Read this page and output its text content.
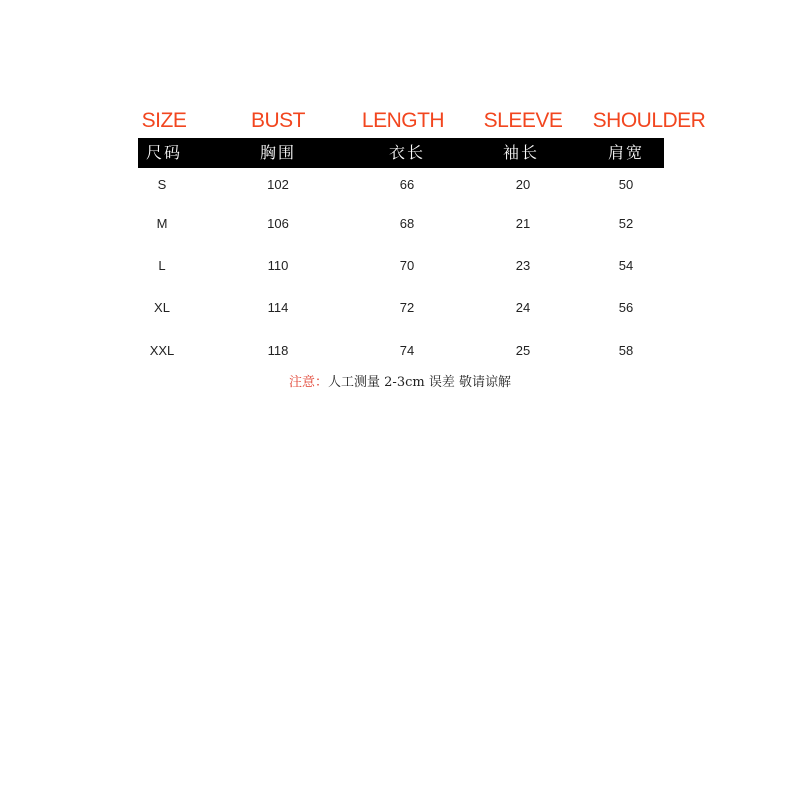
SIZE	BUST	LENGTH	SLEEVE	SHOULDER
尺码	胸围	衣长	袖长	肩宽
S	102	66	20	50
M	106	68	21	52
L	110	70	23	54
XL	114	72	24	56
XXL	118	74	25	58
注意：人工测量 2-3cm 误差 敬请谅解
